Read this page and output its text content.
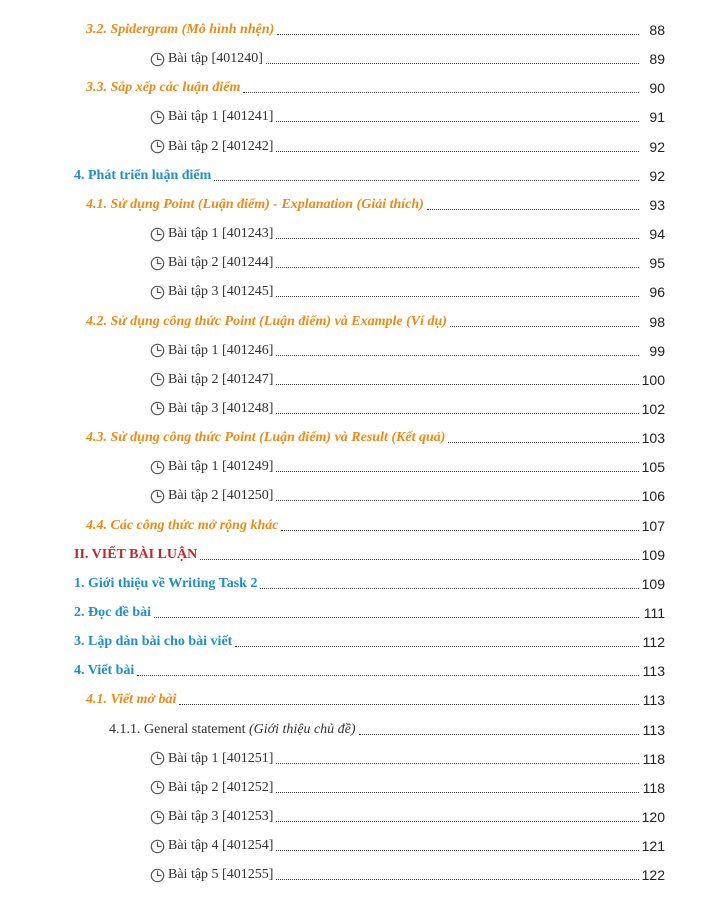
3.2. Spidergram (Mô hình nhện)	88
Bài tập [401240]	89
3.3. Sắp xếp các luận điểm	90
Bài tập 1 [401241]	91
Bài tập 2 [401242]	92
4. Phát triển luận điểm	92
4.1. Sử dụng Point (Luận điểm) - Explanation (Giải thích)	93
Bài tập 1 [401243]	94
Bài tập 2 [401244]	95
Bài tập 3 [401245]	96
4.2. Sử dụng công thức Point (Luận điểm) và Example (Ví dụ)	98
Bài tập 1 [401246]	99
Bài tập 2 [401247]	100
Bài tập 3 [401248]	102
4.3. Sử dụng công thức Point (Luận điểm) và Result (Kết quả)	103
Bài tập 1 [401249]	105
Bài tập 2 [401250]	106
4.4. Các công thức mở rộng khác	107
II. VIẾT BÀI LUẬN	109
1. Giới thiệu về Writing Task 2	109
2. Đọc đề bài	111
3. Lập dàn bài cho bài viết	112
4. Viết bài	113
4.1. Viết mở bài	113
4.1.1. General statement (Giới thiệu chủ đề)	113
Bài tập 1 [401251]	118
Bài tập 2 [401252]	118
Bài tập 3 [401253]	120
Bài tập 4 [401254]	121
Bài tập 5 [401255]	122
